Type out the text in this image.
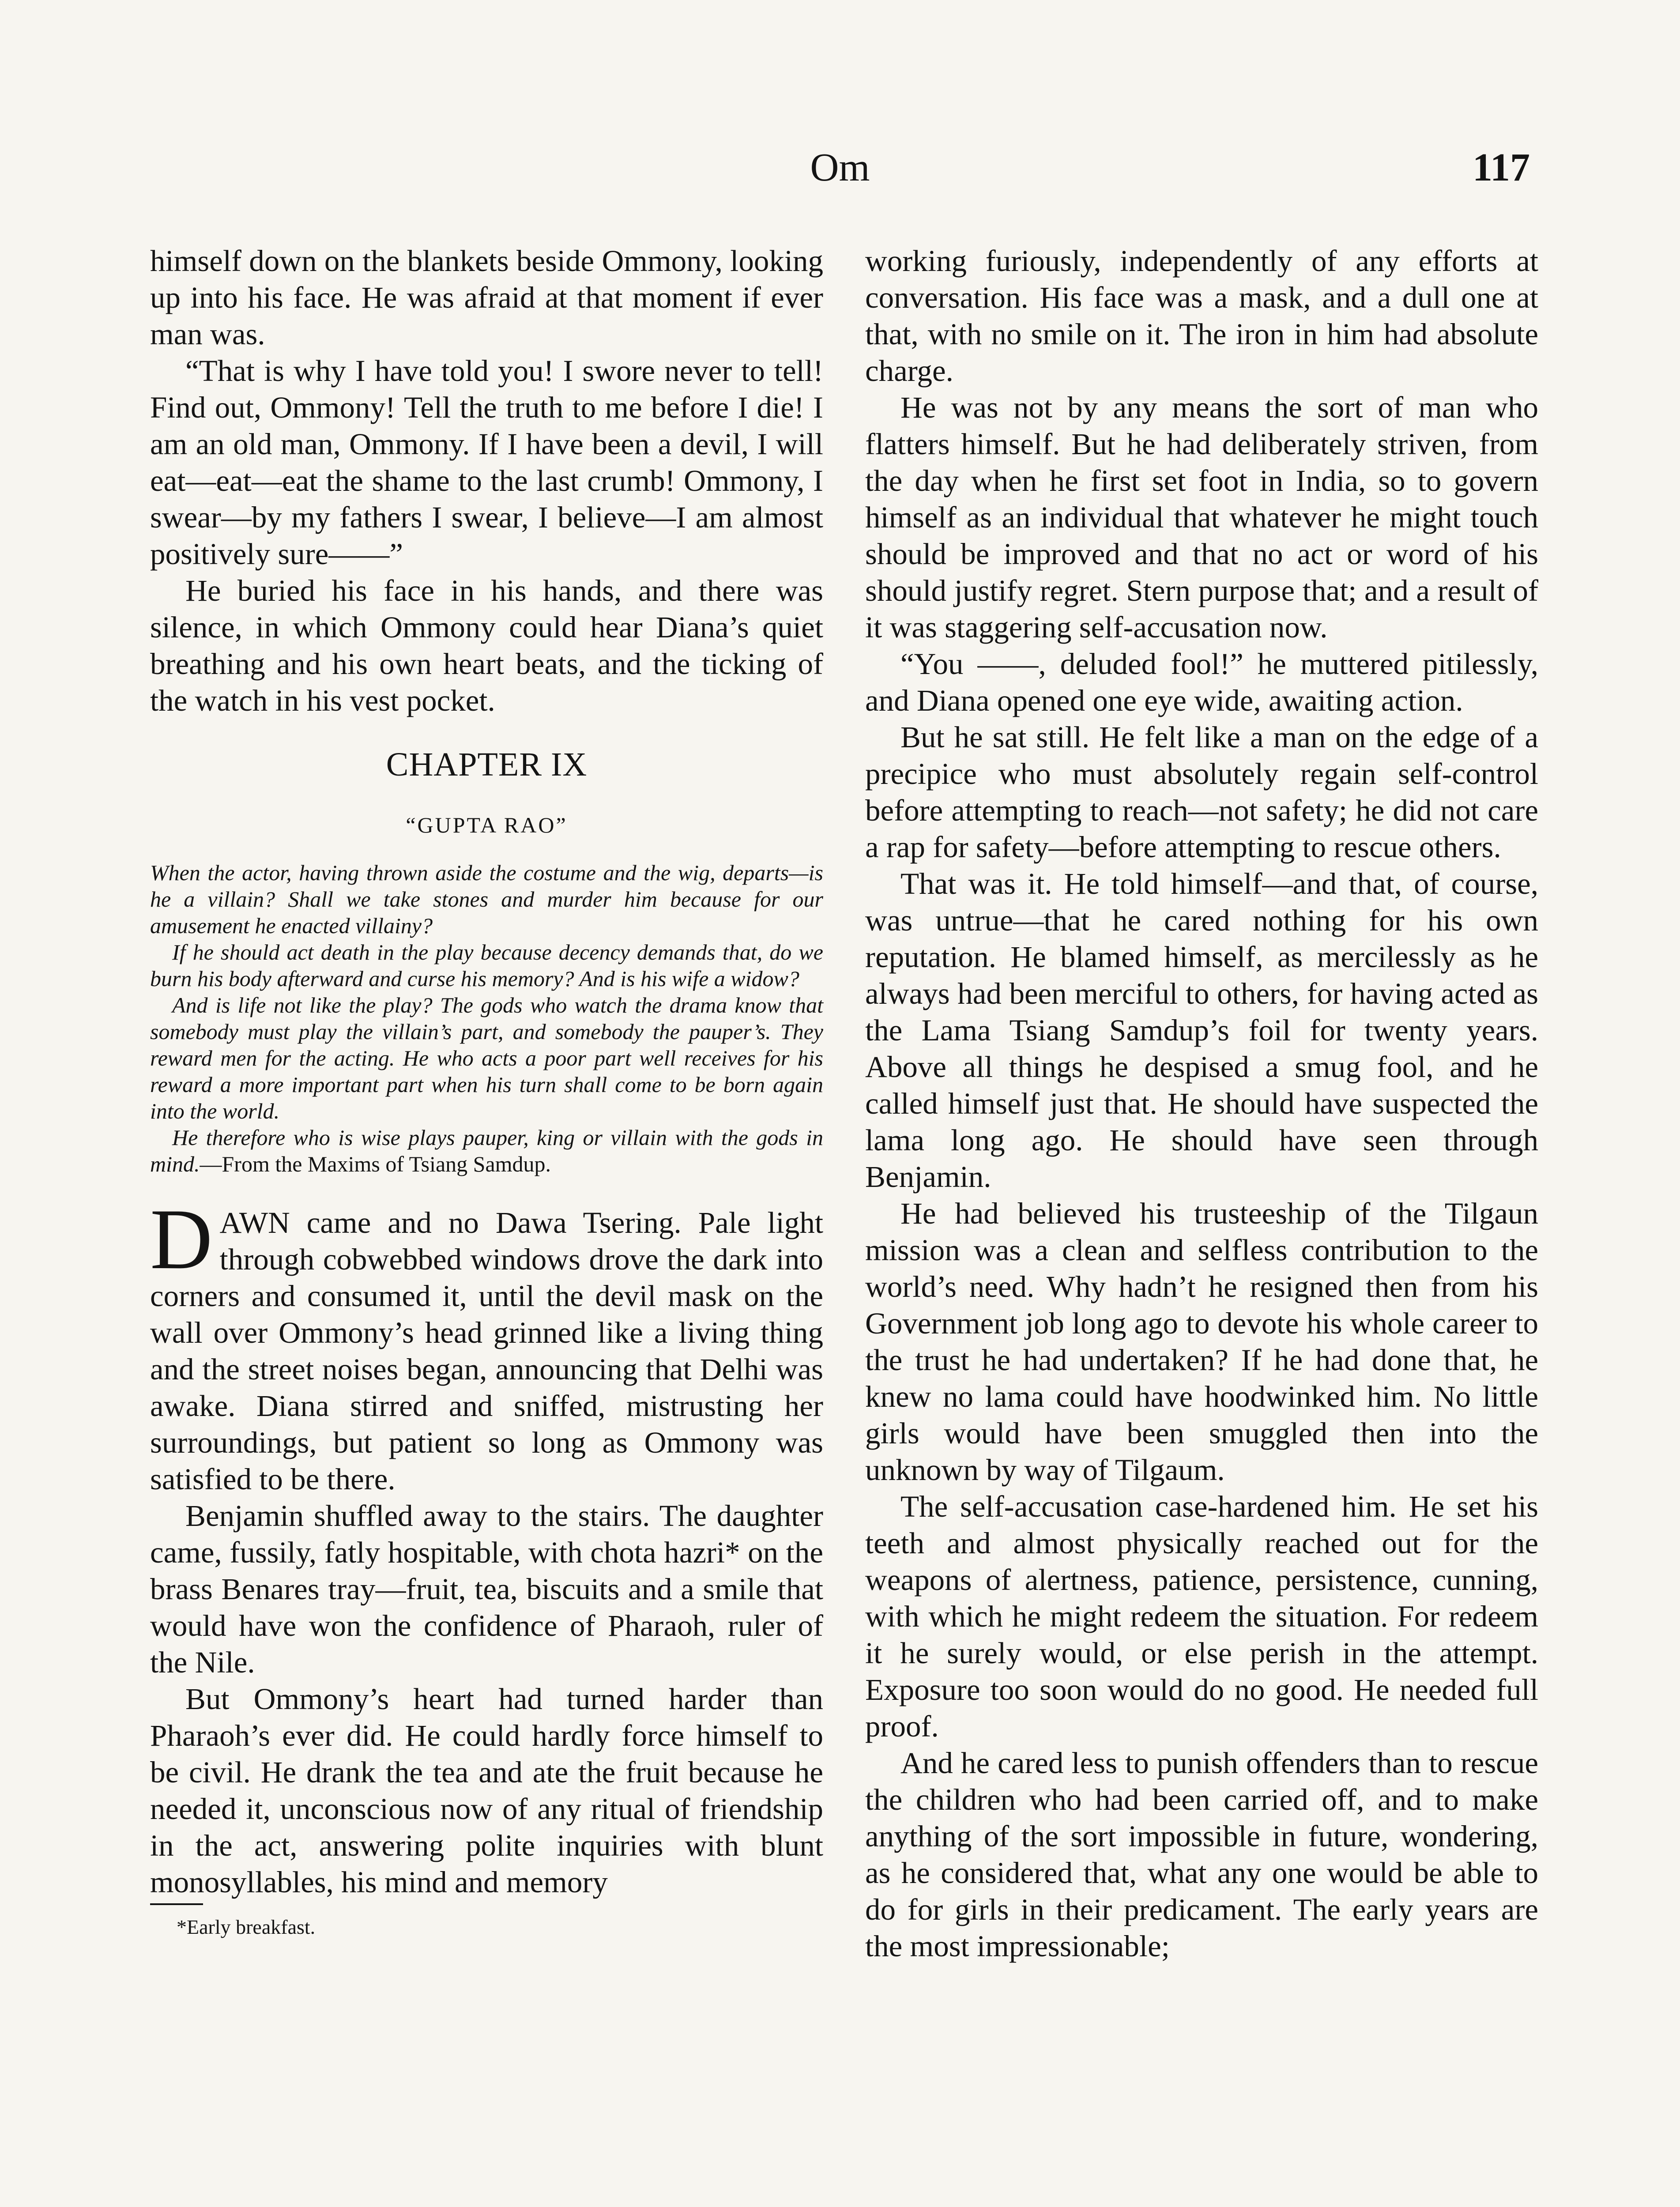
Om	117

himself down on the blankets beside Ommony, looking up into his face. He was afraid at that moment if ever man was.

“That is why I have told you! I swore never to tell! Find out, Ommony! Tell the truth to me before I die! I am an old man, Ommony. If I have been a devil, I will eat—eat—eat the shame to the last crumb! Ommony, I swear—by my fathers I swear, I believe—I am almost positively sure——”

He buried his face in his hands, and there was silence, in which Ommony could hear Diana’s quiet breathing and his own heart beats, and the ticking of the watch in his vest pocket.

CHAPTER IX
“GUPTA RAO”

When the actor, having thrown aside the costume and the wig, departs—is he a villain? Shall we take stones and murder him because for our amusement he enacted villainy?

If he should act death in the play because decency demands that, do we burn his body afterward and curse his memory? And is his wife a widow?

And is life not like the play? The gods who watch the drama know that somebody must play the villain’s part, and somebody the pauper’s. They reward men for the acting. He who acts a poor part well receives for his reward a more important part when his turn shall come to be born again into the world.

He therefore who is wise plays pauper, king or villain with the gods in mind.—From the Maxims of Tsiang Samdup.

DAWN came and no Dawa Tsering. Pale light through cobwebbed windows drove the dark into corners and consumed it, until the devil mask on the wall over Ommony’s head grinned like a living thing and the street noises began, announcing that Delhi was awake. Diana stirred and sniffed, mistrusting her surroundings, but patient so long as Ommony was satisfied to be there.

Benjamin shuffled away to the stairs. The daughter came, fussily, fatly hospitable, with chota hazri* on the brass Benares tray—fruit, tea, biscuits and a smile that would have won the confidence of Pharaoh, ruler of the Nile.

But Ommony’s heart had turned harder than Pharaoh’s ever did. He could hardly force himself to be civil. He drank the tea and ate the fruit because he needed it, unconscious now of any ritual of friendship in the act, answering polite inquiries with blunt monosyllables, his mind and memory

*Early breakfast.

working furiously, independently of any efforts at conversation. His face was a mask, and a dull one at that, with no smile on it. The iron in him had absolute charge.

He was not by any means the sort of man who flatters himself. But he had deliberately striven, from the day when he first set foot in India, so to govern himself as an individual that whatever he might touch should be improved and that no act or word of his should justify regret. Stern purpose that; and a result of it was staggering self-accusation now.

“You ——, deluded fool!” he muttered pitilessly, and Diana opened one eye wide, awaiting action.

But he sat still. He felt like a man on the edge of a precipice who must absolutely regain self-control before attempting to reach—not safety; he did not care a rap for safety—before attempting to rescue others.

That was it. He told himself—and that, of course, was untrue—that he cared nothing for his own reputation. He blamed himself, as mercilessly as he always had been merciful to others, for having acted as the Lama Tsiang Samdup’s foil for twenty years. Above all things he despised a smug fool, and he called himself just that. He should have suspected the lama long ago. He should have seen through Benjamin.

He had believed his trusteeship of the Tilgaun mission was a clean and selfless contribution to the world’s need. Why hadn’t he resigned then from his Government job long ago to devote his whole career to the trust he had undertaken? If he had done that, he knew no lama could have hoodwinked him. No little girls would have been smuggled then into the unknown by way of Tilgaum.

The self-accusation case-hardened him. He set his teeth and almost physically reached out for the weapons of alertness, patience, persistence, cunning, with which he might redeem the situation. For redeem it he surely would, or else perish in the attempt. Exposure too soon would do no good. He needed full proof.

And he cared less to punish offenders than to rescue the children who had been carried off, and to make anything of the sort impossible in future, wondering, as he considered that, what any one would be able to do for girls in their predicament. The early years are the most impressionable;
